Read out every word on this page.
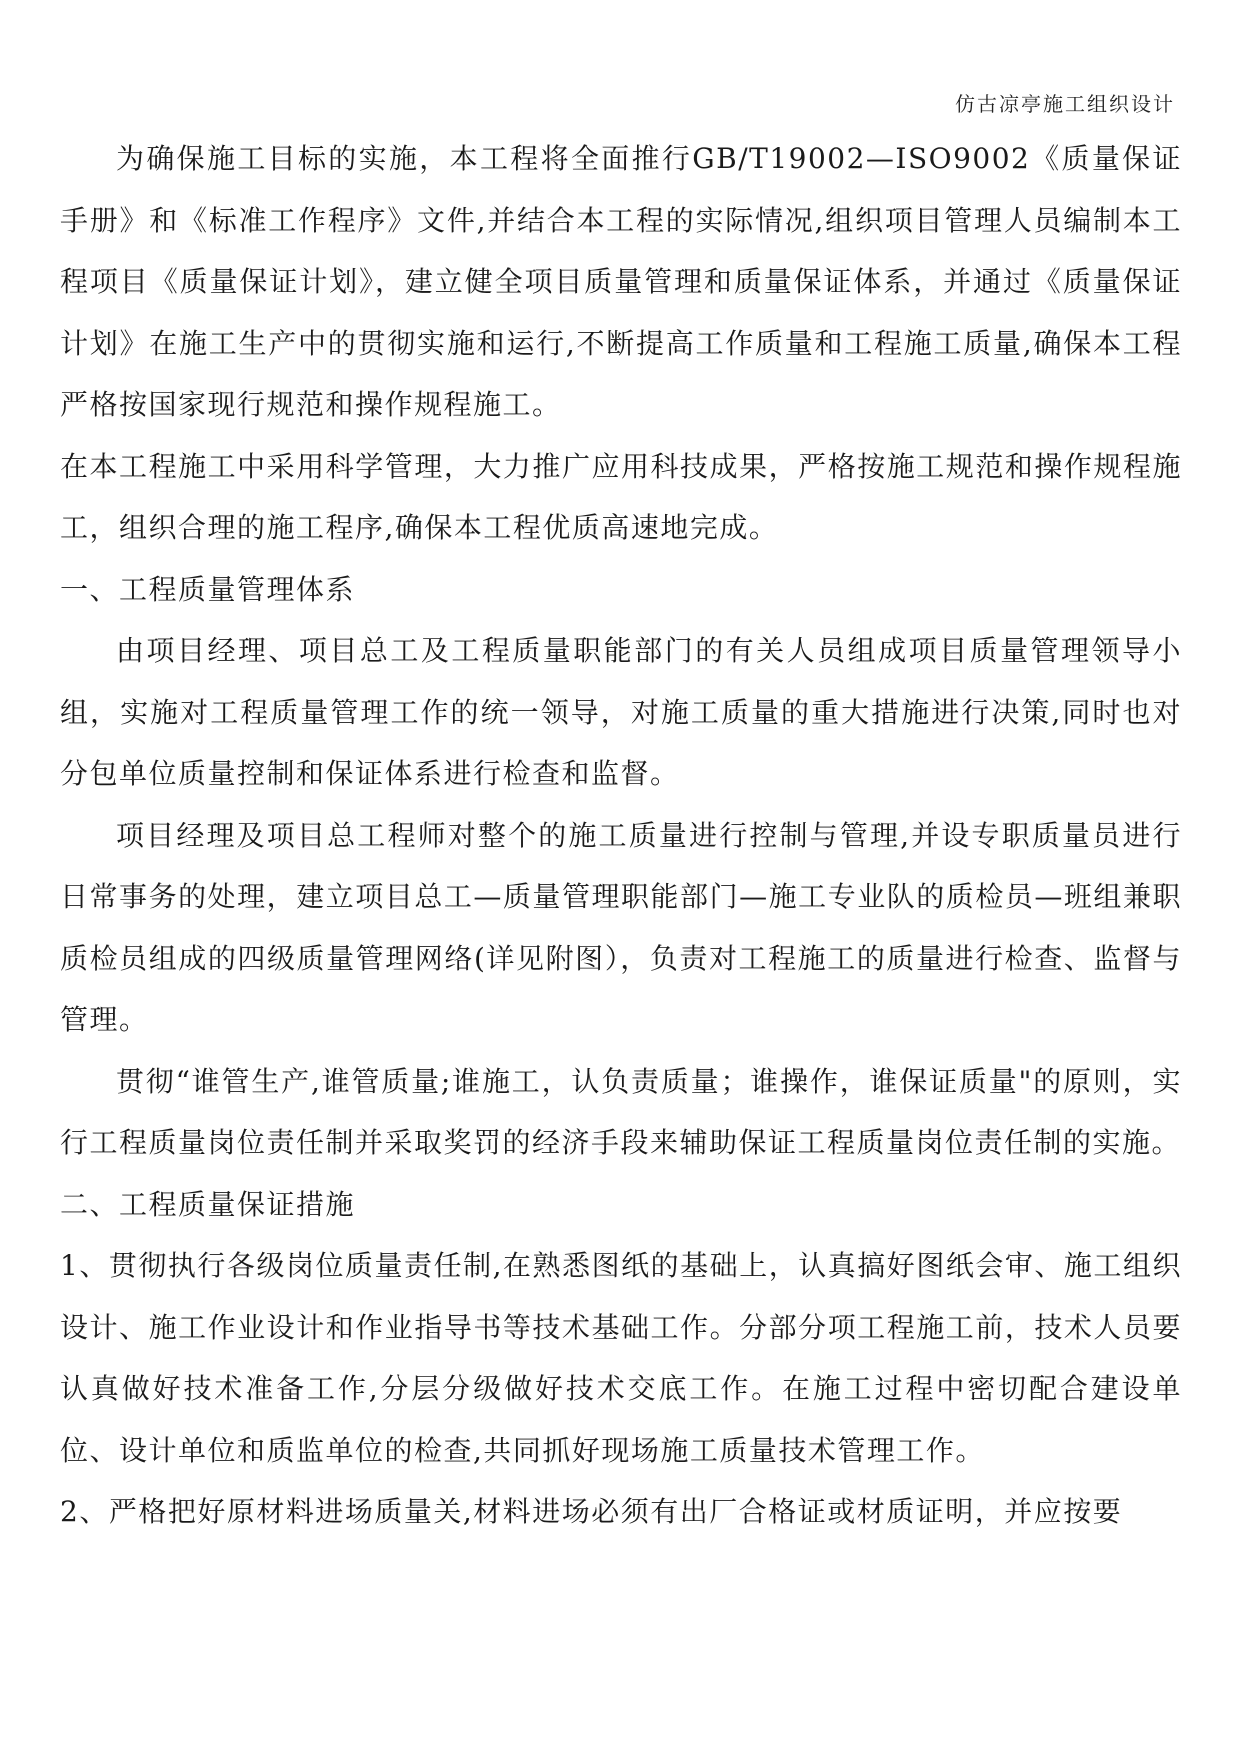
仿古凉亭施工组织设计

为确保施工目标的实施，本工程将全面推行GB/T19002—ISO9002《质量保证手册》和《标准工作程序》文件,并结合本工程的实际情况,组织项目管理人员编制本工程项目《质量保证计划》，建立健全项目质量管理和质量保证体系，并通过《质量保证计划》在施工生产中的贯彻实施和运行,不断提高工作质量和工程施工质量,确保本工程严格按国家现行规范和操作规程施工。

在本工程施工中采用科学管理，大力推广应用科技成果，严格按施工规范和操作规程施工，组织合理的施工程序,确保本工程优质高速地完成。

一、工程质量管理体系

由项目经理、项目总工及工程质量职能部门的有关人员组成项目质量管理领导小组，实施对工程质量管理工作的统一领导，对施工质量的重大措施进行决策,同时也对分包单位质量控制和保证体系进行检查和监督。

项目经理及项目总工程师对整个的施工质量进行控制与管理,并设专职质量员进行日常事务的处理，建立项目总工—质量管理职能部门—施工专业队的质检员—班组兼职质检员组成的四级质量管理网络(详见附图），负责对工程施工的质量进行检查、监督与管理。

贯彻“谁管生产,谁管质量;谁施工，认负责质量；谁操作，谁保证质量"的原则，实行工程质量岗位责任制并采取奖罚的经济手段来辅助保证工程质量岗位责任制的实施。

二、工程质量保证措施

1、贯彻执行各级岗位质量责任制,在熟悉图纸的基础上，认真搞好图纸会审、施工组织设计、施工作业设计和作业指导书等技术基础工作。分部分项工程施工前，技术人员要认真做好技术准备工作,分层分级做好技术交底工作。在施工过程中密切配合建设单位、设计单位和质监单位的检查,共同抓好现场施工质量技术管理工作。

2、严格把好原材料进场质量关,材料进场必须有出厂合格证或材质证明，并应按要
